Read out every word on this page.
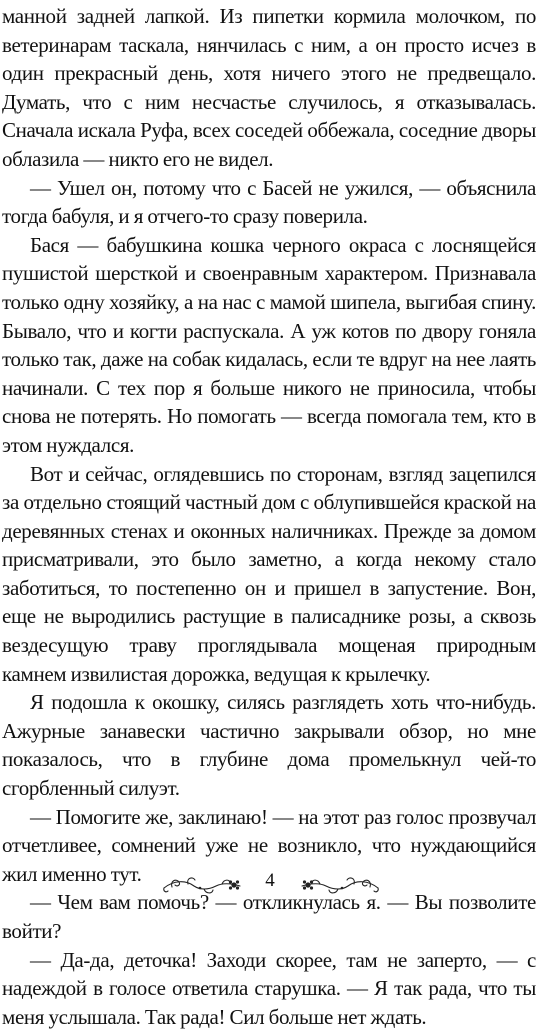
манной задней лапкой. Из пипетки кормила молочком, по ветеринарам таскала, нянчилась с ним, а он просто исчез в один прекрасный день, хотя ничего этого не предвещало. Думать, что с ним несчастье случилось, я отказывалась. Сначала искала Руфа, всех соседей оббежала, соседние дворы облазила — никто его не видел.

— Ушел он, потому что с Басей не ужился, — объяснила тогда бабуля, и я отчего-то сразу поверила.

Бася — бабушкина кошка черного окраса с лоснящейся пушистой шерсткой и своенравным характером. Признавала только одну хозяйку, а на нас с мамой шипела, выгибая спину. Бывало, что и когти распускала. А уж котов по двору гоняла только так, даже на собак кидалась, если те вдруг на нее лаять начинали. С тех пор я больше никого не приносила, чтобы снова не потерять. Но помогать — всегда помогала тем, кто в этом нуждался.

Вот и сейчас, оглядевшись по сторонам, взгляд зацепился за отдельно стоящий частный дом с облупившейся краской на деревянных стенах и оконных наличниках. Прежде за домом присматривали, это было заметно, а когда некому стало заботиться, то постепенно он и пришел в запустение. Вон, еще не выродились растущие в палисаднике розы, а сквозь вездесущую траву проглядывала мощеная природным камнем извилистая дорожка, ведущая к крылечку.

Я подошла к окошку, силясь разглядеть хоть что-нибудь. Ажурные занавески частично закрывали обзор, но мне показалось, что в глубине дома промелькнул чей-то сгорбленный силуэт.

— Помогите же, заклинаю! — на этот раз голос прозвучал отчетливее, сомнений уже не возникло, что нуждающийся жил именно тут.

— Чем вам помочь? — откликнулась я. — Вы позволите войти?

— Да-да, деточка! Заходи скорее, там не заперто, — с надеждой в голосе ответила старушка. — Я так рада, что ты меня услышала. Так рада! Сил больше нет ждать.

4
